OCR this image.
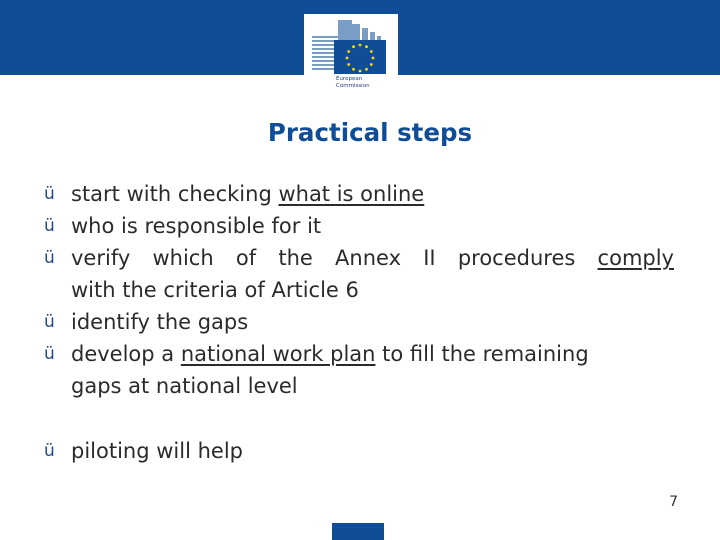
European
Commission
Practical steps
ü start with checking what is online
ü who is responsible for it
ü verify which of the Annex II procedures comply
with the criteria of Article 6
ü identify the gaps
ü develop a national work plan to fill the remaining
gaps at national level
ü piloting will help
7
